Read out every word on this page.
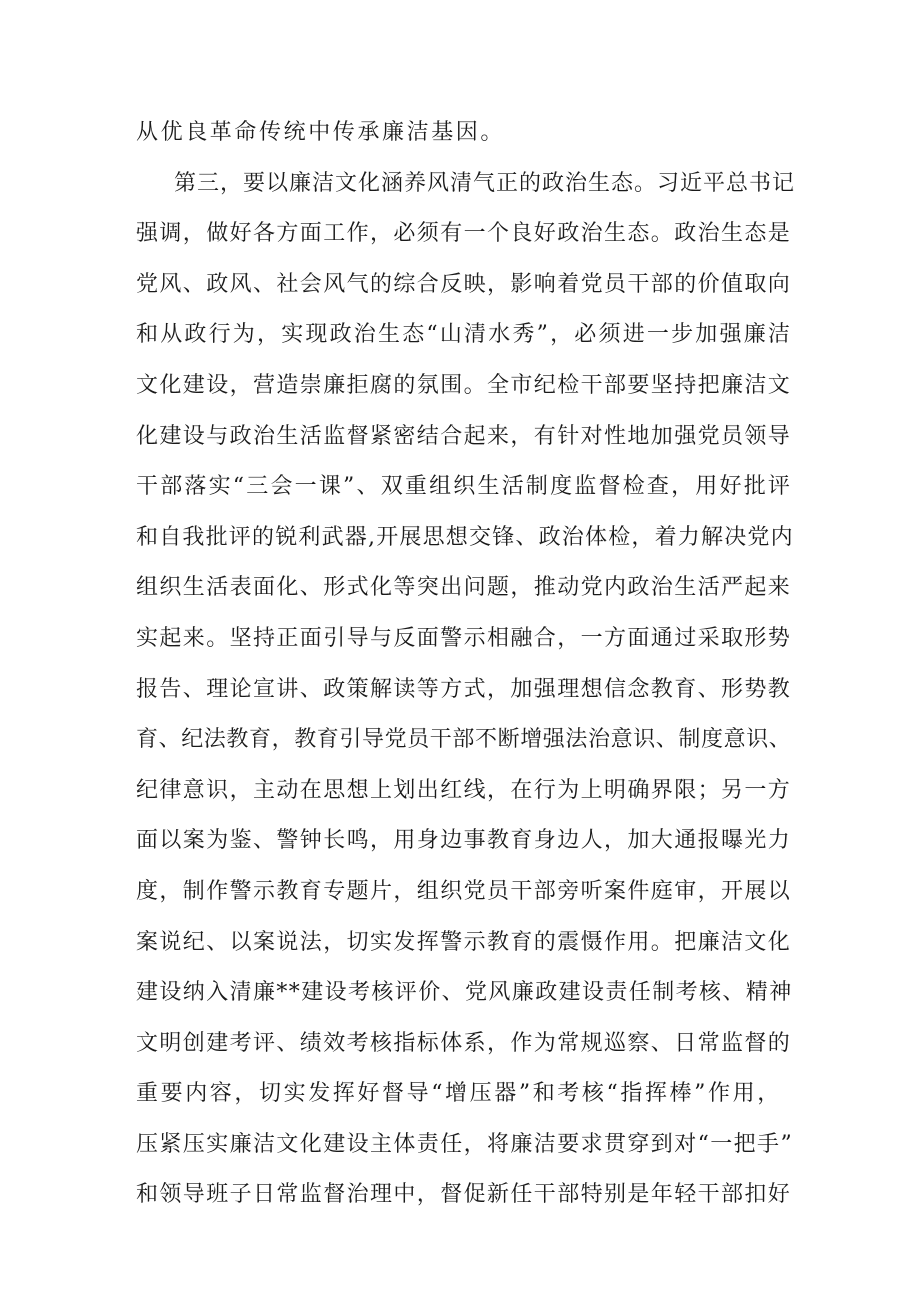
从优良革命传统中传承廉洁基因。
第三，要以廉洁文化涵养风清气正的政治生态。习近平总书记
强调，做好各方面工作，必须有一个良好政治生态。政治生态是
党风、政风、社会风气的综合反映，影响着党员干部的价值取向
和从政行为，实现政治生态“山清水秀”，必须进一步加强廉洁
文化建设，营造崇廉拒腐的氛围。全市纪检干部要坚持把廉洁文
化建设与政治生活监督紧密结合起来，有针对性地加强党员领导
干部落实“三会一课”、双重组织生活制度监督检查，用好批评
和自我批评的锐利武器,开展思想交锋、政治体检，着力解决党内
组织生活表面化、形式化等突出问题，推动党内政治生活严起来
实起来。坚持正面引导与反面警示相融合，一方面通过采取形势
报告、理论宣讲、政策解读等方式，加强理想信念教育、形势教
育、纪法教育，教育引导党员干部不断增强法治意识、制度意识、
纪律意识，主动在思想上划出红线，在行为上明确界限；另一方
面以案为鉴、警钟长鸣，用身边事教育身边人，加大通报曝光力
度，制作警示教育专题片，组织党员干部旁听案件庭审，开展以
案说纪、以案说法，切实发挥警示教育的震慑作用。把廉洁文化
建设纳入清廉**建设考核评价、党风廉政建设责任制考核、精神
文明创建考评、绩效考核指标体系，作为常规巡察、日常监督的
重要内容，切实发挥好督导“增压器”和考核“指挥棒”作用，
压紧压实廉洁文化建设主体责任，将廉洁要求贯穿到对“一把手”
和领导班子日常监督治理中，督促新任干部特别是年轻干部扣好
